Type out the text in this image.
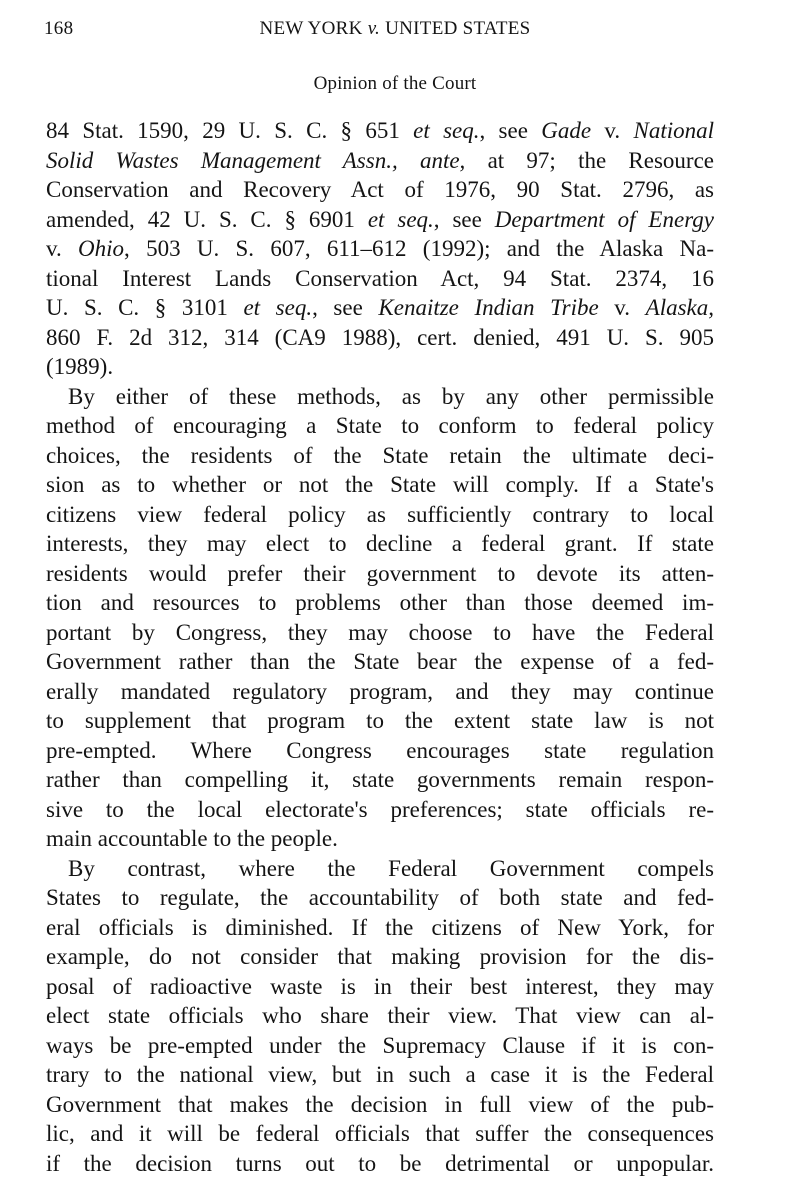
168	NEW YORK v. UNITED STATES
Opinion of the Court
84 Stat. 1590, 29 U. S. C. § 651 et seq., see Gade v. National
Solid Wastes Management Assn., ante, at 97; the Resource
Conservation and Recovery Act of 1976, 90 Stat. 2796, as
amended, 42 U. S. C. § 6901 et seq., see Department of Energy
v. Ohio, 503 U. S. 607, 611–612 (1992); and the Alaska Na-
tional Interest Lands Conservation Act, 94 Stat. 2374, 16
U. S. C. § 3101 et seq., see Kenaitze Indian Tribe v. Alaska,
860 F. 2d 312, 314 (CA9 1988), cert. denied, 491 U. S. 905
(1989).
By either of these methods, as by any other permissible
method of encouraging a State to conform to federal policy
choices, the residents of the State retain the ultimate deci-
sion as to whether or not the State will comply. If a State's
citizens view federal policy as sufficiently contrary to local
interests, they may elect to decline a federal grant. If state
residents would prefer their government to devote its atten-
tion and resources to problems other than those deemed im-
portant by Congress, they may choose to have the Federal
Government rather than the State bear the expense of a fed-
erally mandated regulatory program, and they may continue
to supplement that program to the extent state law is not
pre-empted. Where Congress encourages state regulation
rather than compelling it, state governments remain respon-
sive to the local electorate's preferences; state officials re-
main accountable to the people.
By contrast, where the Federal Government compels
States to regulate, the accountability of both state and fed-
eral officials is diminished. If the citizens of New York, for
example, do not consider that making provision for the dis-
posal of radioactive waste is in their best interest, they may
elect state officials who share their view. That view can al-
ways be pre-empted under the Supremacy Clause if it is con-
trary to the national view, but in such a case it is the Federal
Government that makes the decision in full view of the pub-
lic, and it will be federal officials that suffer the consequences
if the decision turns out to be detrimental or unpopular.
